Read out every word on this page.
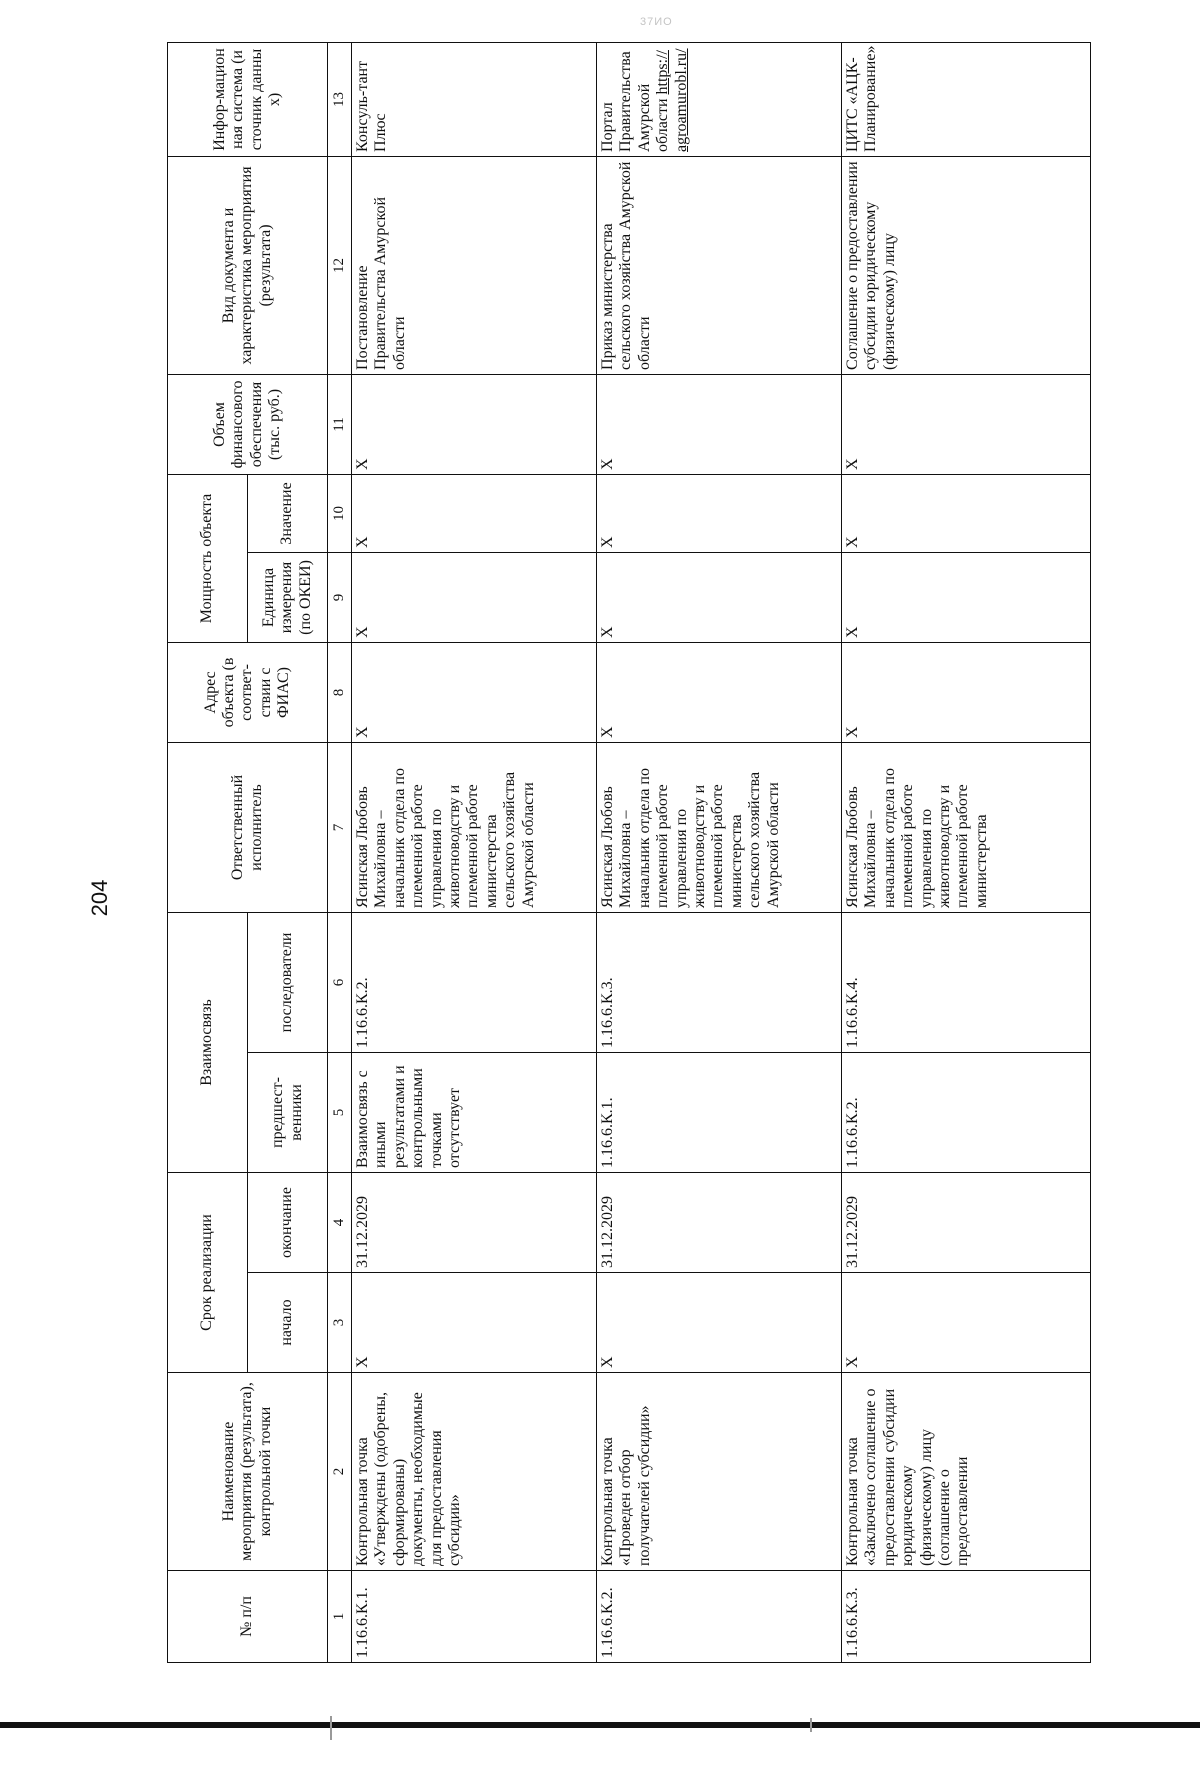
37ИО
204
№ п/п	Наименование мероприятия (результата), контрольной точки	Срок реализации		Взаимосвязь		Ответственный исполнитель	Адрес объекта (в соответ-ствии с ФИАС)	Мощность объекта		Объем финансового обеспечения (тыс. руб.)	Вид документа и характеристика мероприятия (результата)	Инфор-мационная система (источник данных)
		начало	окончание	предшест-венники	последователи			Единица измерения (по ОКЕИ)	Значение			
1	2	3	4	5	6	7	8	9	10	11	12	13
1.16.6.К.1.	Контрольная точка «Утверждены (одобрены, сформированы) документы, необходимые для предоставления субсидии»	X	31.12.2029	Взаимосвязь с иными результатами и контрольными точками отсутствует	1.16.6.К.2.	Ясинская Любовь Михайловна – начальник отдела по племенной работе управления по животноводству и племенной работе министерства сельского хозяйства Амурской области	X	X	X	X	Постановление Правительства Амурской области	Консуль-тант Плюс
1.16.6.К.2.	Контрольная точка «Проведен отбор получателей субсидии»	X	31.12.2029	1.16.6.К.1.	1.16.6.К.3.	Ясинская Любовь Михайловна – начальник отдела по племенной работе управления по животноводству и племенной работе министерства сельского хозяйства Амурской области	X	X	X	X	Приказ министерства сельского хозяйства Амурской области	Портал Правительства Амурской области https://agroamurobl.ru/
1.16.6.К.3.	Контрольная точка «Заключено соглашение о предоставлении субсидии юридическому (физическому) лицу (соглашение о предоставлении	X	31.12.2029	1.16.6.К.2.	1.16.6.К.4.	Ясинская Любовь Михайловна – начальник отдела по племенной работе управления по животноводству и племенной работе министерства	X	X	X	X	Соглашение о предоставлении субсидии юридическому (физическому) лицу	ЦИТС «АЦК-Планирование»
